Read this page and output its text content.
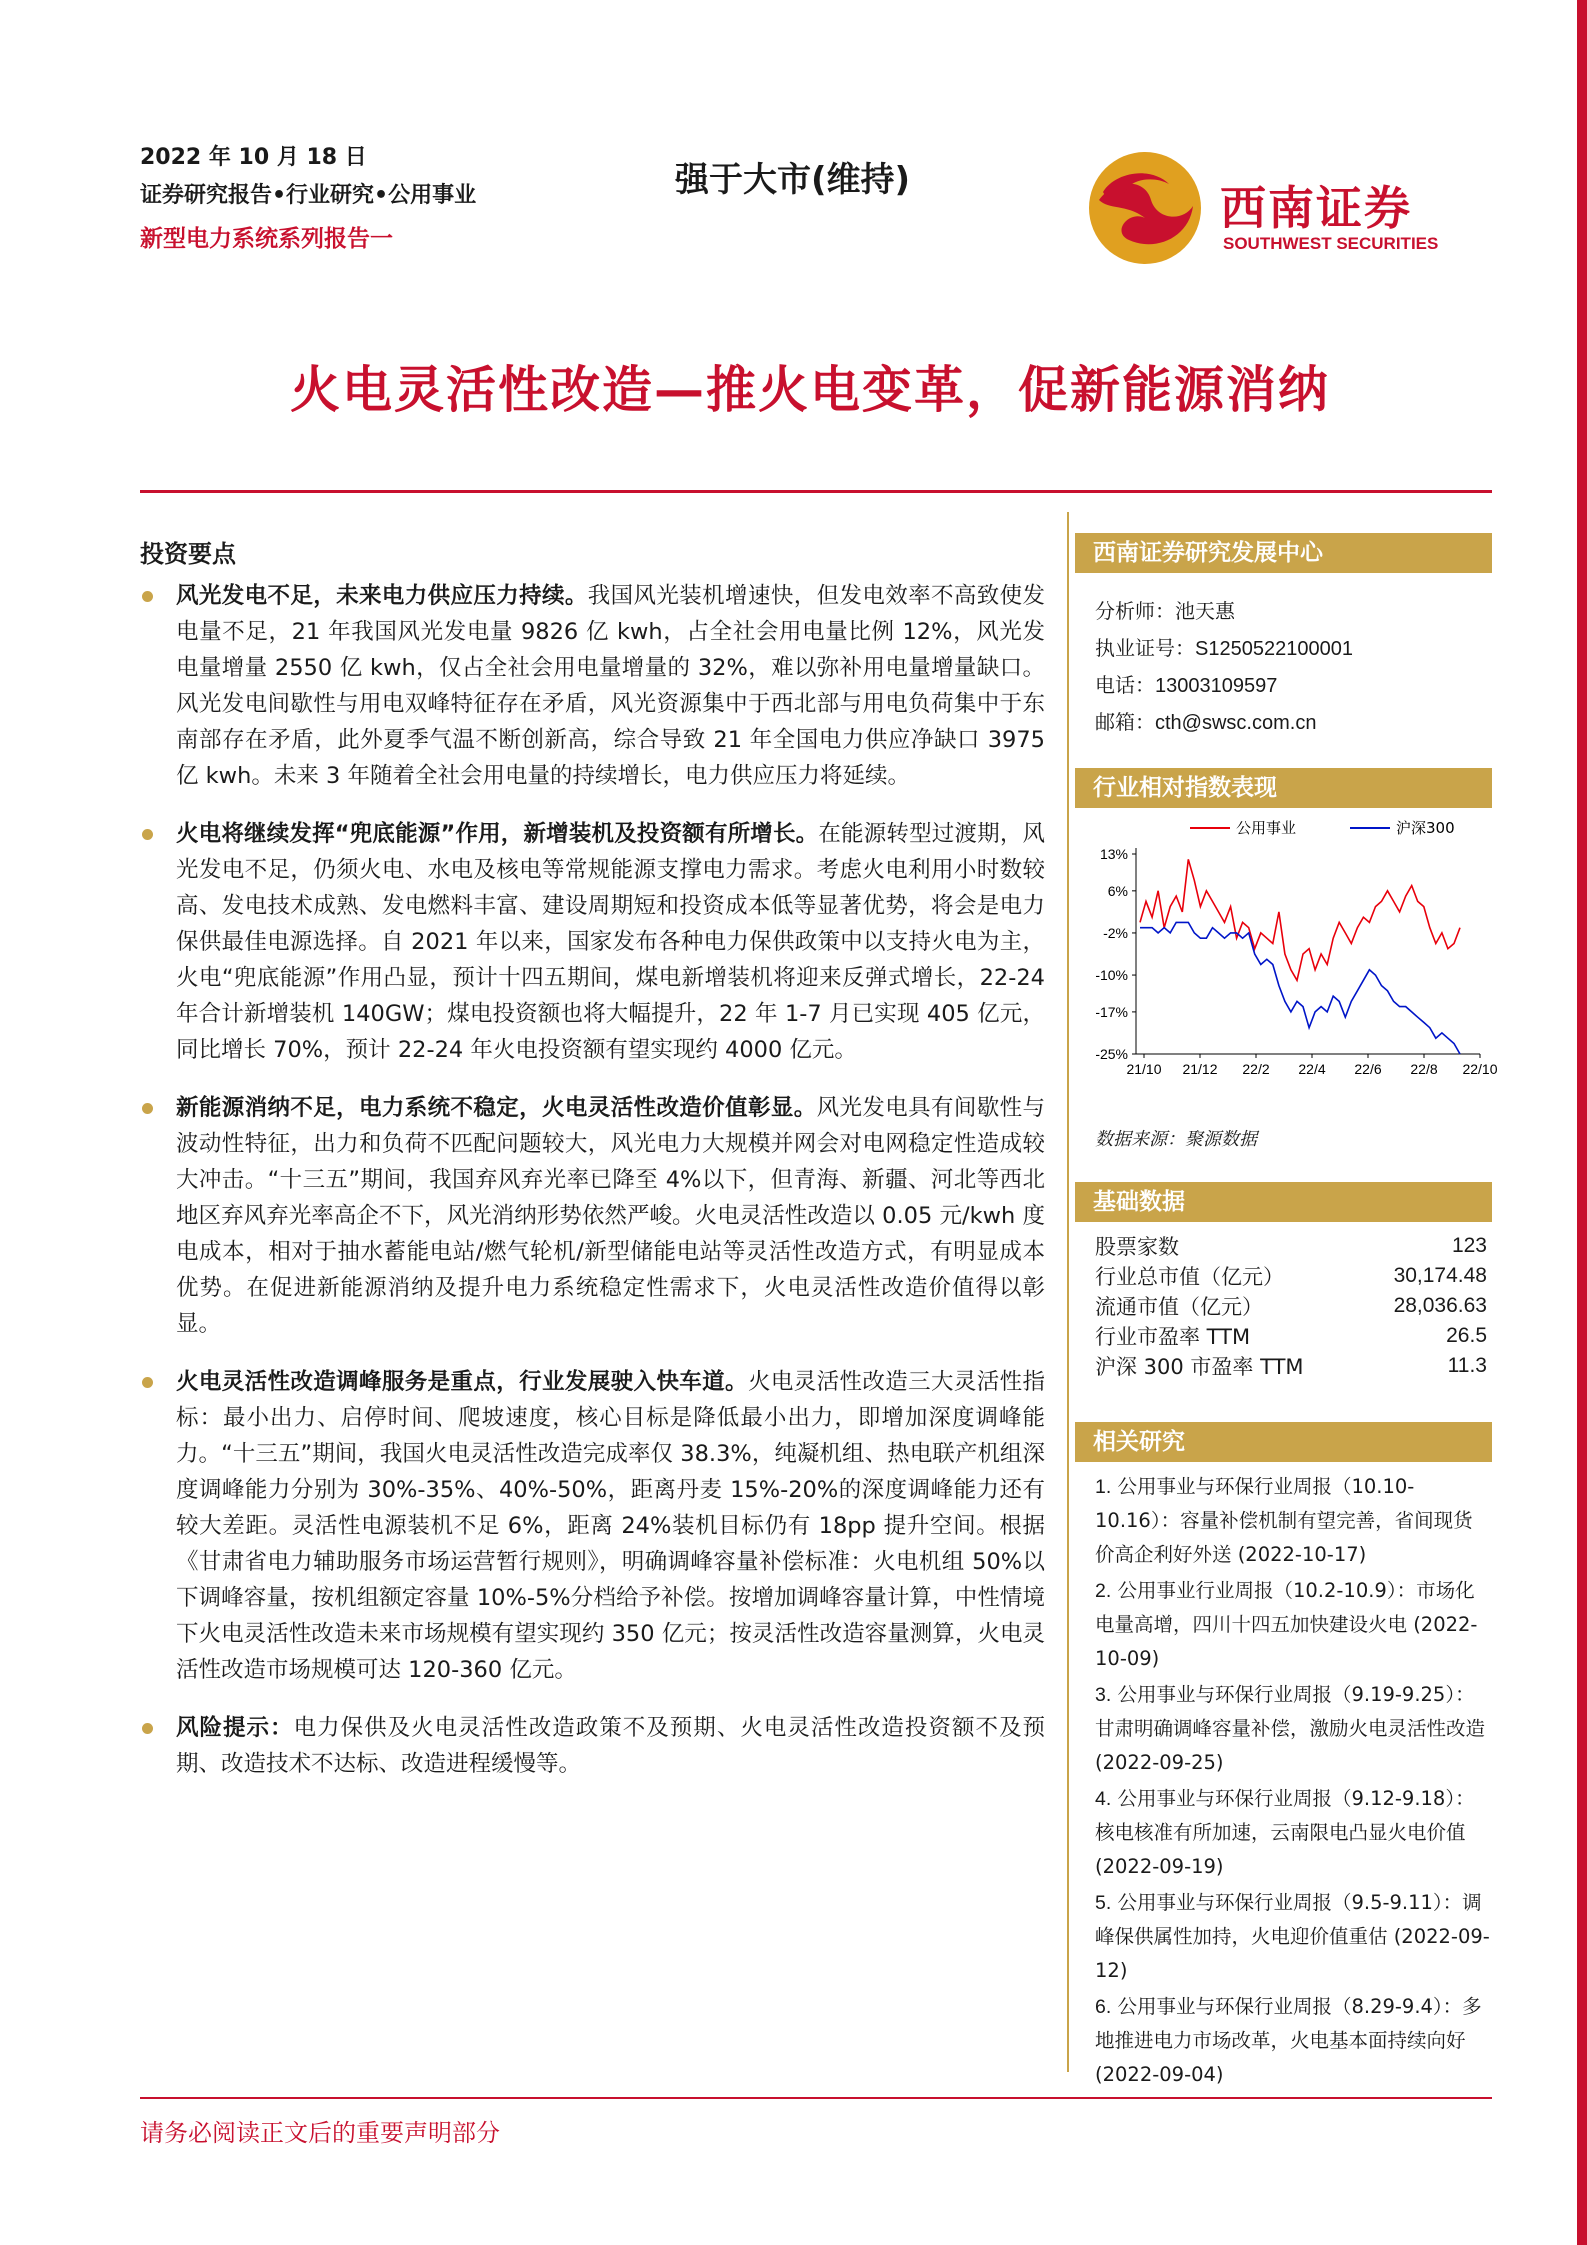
2022 年 10 月 18 日
证券研究报告•行业研究•公用事业
新型电力系统系列报告一
强于大市(维持)
西南证券
SOUTHWEST SECURITIES
火电灵活性改造—推火电变革，促新能源消纳
投资要点
风光发电不足，未来电力供应压力持续。我国风光装机增速快，但发电效率不高致使发电量不足，21 年我国风光发电量 9826 亿 kwh，占全社会用电量比例 12%，风光发电量增量 2550 亿 kwh，仅占全社会用电量增量的 32%，难以弥补用电量增量缺口。风光发电间歇性与用电双峰特征存在矛盾，风光资源集中于西北部与用电负荷集中于东南部存在矛盾，此外夏季气温不断创新高，综合导致 21 年全国电力供应净缺口 3975 亿 kwh。未来 3 年随着全社会用电量的持续增长，电力供应压力将延续。
火电将继续发挥“兜底能源”作用，新增装机及投资额有所增长。在能源转型过渡期，风光发电不足，仍须火电、水电及核电等常规能源支撑电力需求。考虑火电利用小时数较高、发电技术成熟、发电燃料丰富、建设周期短和投资成本低等显著优势，将会是电力保供最佳电源选择。自 2021 年以来，国家发布各种电力保供政策中以支持火电为主，火电“兜底能源”作用凸显，预计十四五期间，煤电新增装机将迎来反弹式增长，22-24 年合计新增装机 140GW；煤电投资额也将大幅提升，22 年 1-7 月已实现 405 亿元，同比增长 70%，预计 22-24 年火电投资额有望实现约 4000 亿元。
新能源消纳不足，电力系统不稳定，火电灵活性改造价值彰显。风光发电具有间歇性与波动性特征，出力和负荷不匹配问题较大，风光电力大规模并网会对电网稳定性造成较大冲击。“十三五”期间，我国弃风弃光率已降至 4%以下，但青海、新疆、河北等西北地区弃风弃光率高企不下，风光消纳形势依然严峻。火电灵活性改造以 0.05 元/kwh 度电成本，相对于抽水蓄能电站/燃气轮机/新型储能电站等灵活性改造方式，有明显成本优势。在促进新能源消纳及提升电力系统稳定性需求下，火电灵活性改造价值得以彰显。
火电灵活性改造调峰服务是重点，行业发展驶入快车道。火电灵活性改造三大灵活性指标：最小出力、启停时间、爬坡速度，核心目标是降低最小出力，即增加深度调峰能力。“十三五”期间，我国火电灵活性改造完成率仅 38.3%，纯凝机组、热电联产机组深度调峰能力分别为 30%-35%、40%-50%，距离丹麦 15%-20%的深度调峰能力还有较大差距。灵活性电源装机不足 6%，距离 24%装机目标仍有 18pp 提升空间。根据《甘肃省电力辅助服务市场运营暂行规则》，明确调峰容量补偿标准：火电机组 50%以下调峰容量，按机组额定容量 10%-5%分档给予补偿。按增加调峰容量计算，中性情境下火电灵活性改造未来市场规模有望实现约 350 亿元；按灵活性改造容量测算，火电灵活性改造市场规模可达 120-360 亿元。
风险提示：电力保供及火电灵活性改造政策不及预期、火电灵活性改造投资额不及预期、改造技术不达标、改造进程缓慢等。
西南证券研究发展中心
分析师：池天惠
执业证号：S1250522100001
电话：13003109597
邮箱：cth@swsc.com.cn
行业相对指数表现
13%
6%
-2%
-10%
-17%
-25%
21/10 21/12 22/2 22/4 22/6 22/8 22/10
公用事业	沪深300
数据来源：聚源数据
基础数据
股票家数	123
行业总市值（亿元）	30,174.48
流通市值（亿元）	28,036.63
行业市盈率 TTM	26.5
沪深 300 市盈率 TTM	11.3
相关研究
1. 公用事业与环保行业周报（10.10-10.16）：容量补偿机制有望完善，省间现货价高企利好外送 (2022-10-17)
2. 公用事业行业周报（10.2-10.9）：市场化电量高增，四川十四五加快建设火电 (2022-10-09)
3. 公用事业与环保行业周报（9.19-9.25）：甘肃明确调峰容量补偿，激励火电灵活性改造 (2022-09-25)
4. 公用事业与环保行业周报（9.12-9.18）：核电核准有所加速，云南限电凸显火电价值 (2022-09-19)
5. 公用事业与环保行业周报（9.5-9.11）：调峰保供属性加持，火电迎价值重估 (2022-09-12)
6. 公用事业与环保行业周报（8.29-9.4）：多地推进电力市场改革，火电基本面持续向好 (2022-09-04)
请务必阅读正文后的重要声明部分
